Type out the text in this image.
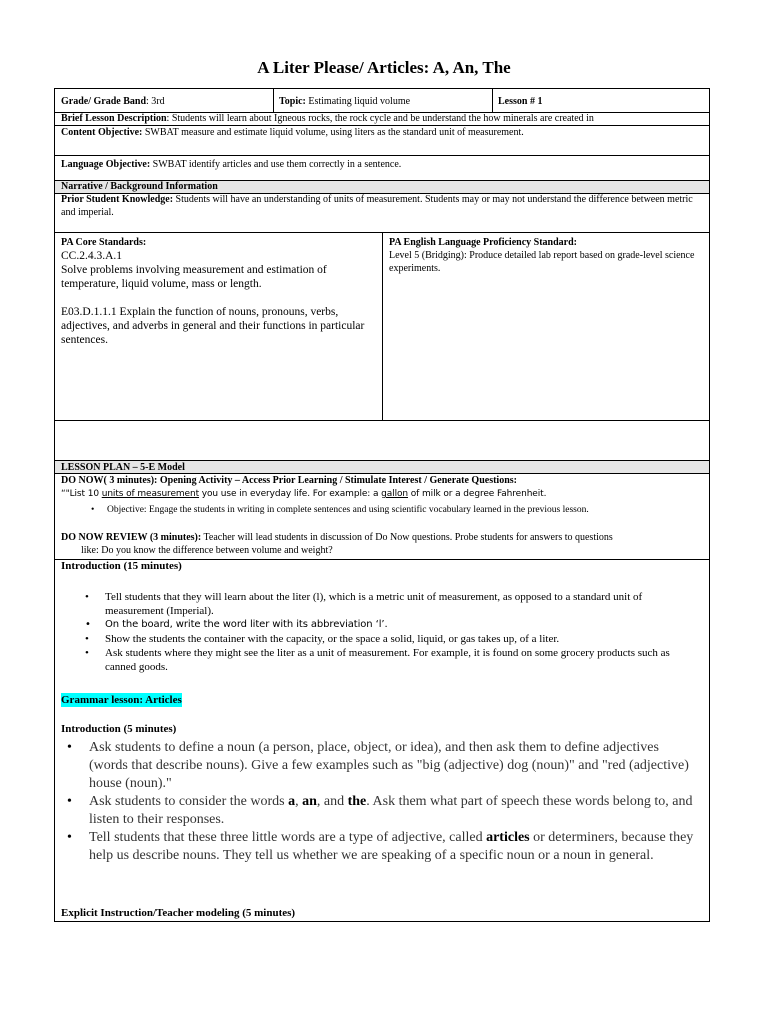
A Liter Please/ Articles: A, An, The
Grade/ Grade Band: 3rd	Topic: Estimating liquid volume	Lesson # 1
Brief Lesson Description: Students will learn about Igneous rocks, the rock cycle and be understand the how minerals are created in
Content Objective: SWBAT measure and estimate liquid volume, using liters as the standard unit of measurement.
Language Objective: SWBAT identify articles and use them correctly in a sentence.
Narrative / Background Information
Prior Student Knowledge: Students will have an understanding of units of measurement. Students may or may not understand the difference between metric and imperial.
PA Core Standards:
CC.2.4.3.A.1
Solve problems involving measurement and estimation of temperature, liquid volume, mass or length.
E03.D.1.1.1 Explain the function of nouns, pronouns, verbs, adjectives, and adverbs in general and their functions in particular sentences.
PA English Language Proficiency Standard:
Level 5 (Bridging): Produce detailed lab report based on grade-level science experiments.
LESSON PLAN – 5-E Model
DO NOW( 3 minutes): Opening Activity – Access Prior Learning / Stimulate Interest / Generate Questions:
“"List 10 units of measurement you use in everyday life. For example: a gallon of milk or a degree Fahrenheit.
• Objective: Engage the students in writing in complete sentences and using scientific vocabulary learned in the previous lesson.
DO NOW REVIEW (3 minutes): Teacher will lead students in discussion of Do Now questions. Probe students for answers to questions
like: Do you know the difference between volume and weight?
Introduction (15 minutes)
• Tell students that they will learn about the liter (l), which is a metric unit of measurement, as opposed to a standard unit of measurement (Imperial).
• On the board, write the word liter with its abbreviation ‘l’.
• Show the students the container with the capacity, or the space a solid, liquid, or gas takes up, of a liter.
• Ask students where they might see the liter as a unit of measurement. For example, it is found on some grocery products such as canned goods.
Grammar lesson: Articles
Introduction (5 minutes)
• Ask students to define a noun (a person, place, object, or idea), and then ask them to define adjectives (words that describe nouns). Give a few examples such as "big (adjective) dog (noun)" and "red (adjective) house (noun)."
• Ask students to consider the words a, an, and the. Ask them what part of speech these words belong to, and listen to their responses.
• Tell students that these three little words are a type of adjective, called articles or determiners, because they help us describe nouns. They tell us whether we are speaking of a specific noun or a noun in general.
Explicit Instruction/Teacher modeling (5 minutes)
